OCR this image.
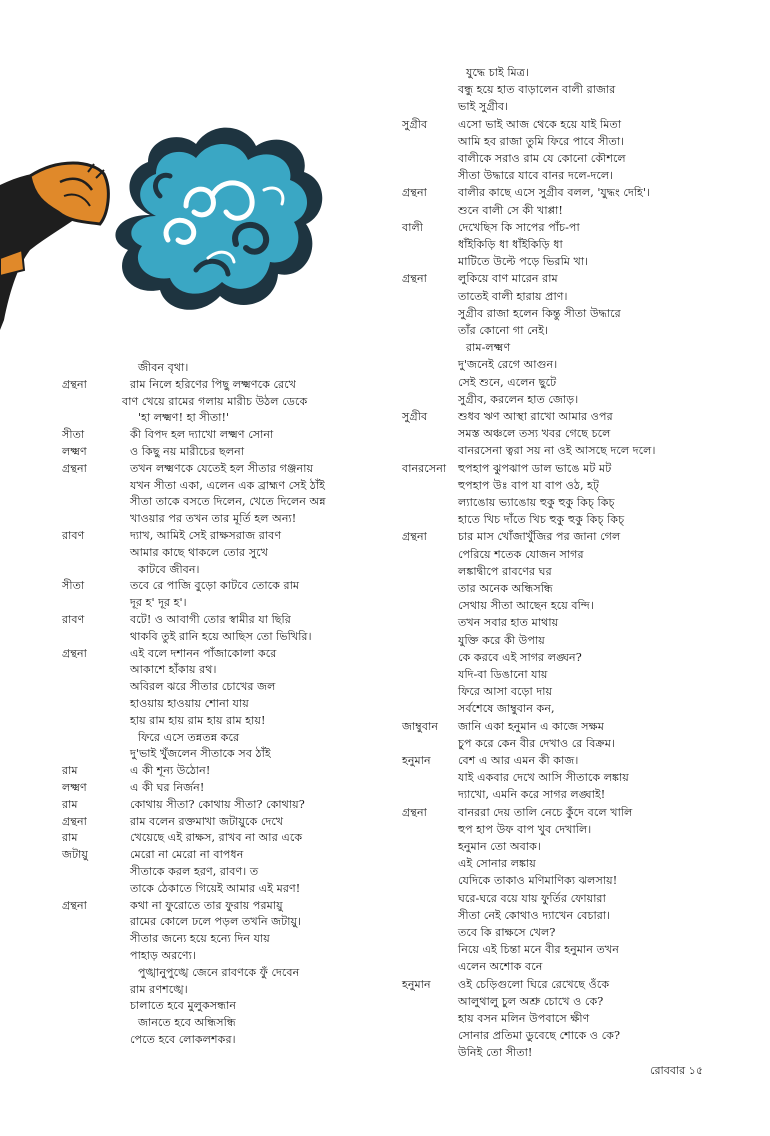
জীবন বৃথা।
গ্রন্থনা	রাম নিলে হরিণের পিছু লক্ষ্মণকে রেখে
বাণ খেয়ে রামের গলায় মারীচ উঠল ডেকে
'হা লক্ষ্মণ! হা সীতা!'
সীতা	কী বিপদ হল দ্যাখো লক্ষ্মণ সোনা
লক্ষ্মণ	ও কিছু নয় মারীচের ছলনা
গ্রন্থনা	তখন লক্ষ্মণকে যেতেই হল সীতার গঞ্জনায়
যখন সীতা একা, এলেন এক ব্রাহ্মণ সেই ঠাঁই
সীতা তাকে বসতে দিলেন, খেতে দিলেন অন্ন
খাওয়ার পর তখন তার মূর্তি হল অন্য!
রাবণ	দ্যাখ, আমিই সেই রাক্ষসরাজ রাবণ
আমার কাছে থাকলে তোর সুখে
কাটবে জীবন।
সীতা	তবে রে পাজি বুড়ো কাটবে তোকে রাম
দূর হ' দূর হ'।
রাবণ	বটে! ও আবাগী তোর স্বামীর যা ছিরি
থাকবি তুই রানি হয়ে আছিস তো ভিখিরি।
গ্রন্থনা	এই বলে দশানন পাঁজাকোলা করে
আকাশে হাঁকায় রথ।
অবিরল ঝরে সীতার চোখের জল
হাওয়ায় হাওয়ায় শোনা যায়
হায় রাম হায় রাম হায় রাম হায়!
ফিরে এসে তন্নতন্ন করে
দু'ভাই খুঁজলেন সীতাকে সব ঠাঁই
রাম	এ কী শূন্য উঠোন!
লক্ষ্মণ	এ কী ঘর নির্জন!
রাম	কোথায় সীতা? কোথায় সীতা? কোথায়?
গ্রন্থনা	রাম বলেন রক্তমাখা জটায়ুকে দেখে
রাম	খেয়েছে এই রাক্ষস, রাখব না আর একে
জটায়ু	মেরো না মেরো না বাপধন
সীতাকে করল হরণ, রাবণ। ত
তাকে ঠেকাতে গিয়েই আমার এই মরণ!
গ্রন্থনা	কথা না ফুরোতে তার ফুরায় পরমায়ু
রামের কোলে ঢলে পড়ল তখনি জটায়ু।
সীতার জন্যে হয়ে হন্যে দিন যায়
পাহাড় অরণ্যে।
পুঙ্খানুপুঙ্খে জেনে রাবণকে ফুঁ দেবেন
রাম রণশঙ্খে।
চালাতে হবে মুলুকসন্ধান
জানতে হবে অন্ধিসন্ধি
পেতে হবে লোকলশকর।
যুদ্ধে চাই মিত্র।
বন্ধু হয়ে হাত বাড়ালেন বালী রাজার
ভাই সুগ্রীব।
সুগ্রীব	এসো ভাই আজ থেকে হয়ে যাই মিতা
আমি হব রাজা তুমি ফিরে পাবে সীতা।
বালীকে সরাও রাম যে কোনো কৌশলে
সীতা উদ্ধারে যাবে বানর দলে-দলে।
গ্রন্থনা	বালীর কাছে এসে সুগ্রীব বলল, 'যুদ্ধং দেহি'।
শুনে বালী সে কী খাপ্পা!
বালী	দেখেছিস কি সাপের পাঁচ-পা
ধাঁইকিড়ি ধা ধাঁইকিড়ি ধা
মাটিতে উল্টে পড়ে ভিরমি খা।
গ্রন্থনা	লুকিয়ে বাণ মারেন রাম
তাতেই বালী হারায় প্রাণ।
সুগ্রীব রাজা হলেন কিন্তু সীতা উদ্ধারে
তাঁর কোনো গা নেই।
রাম-লক্ষ্মণ
দু'জনেই রেগে আগুন।
সেই শুনে, এলেন ছুটে
সুগ্রীব, করলেন হাত জোড়।
সুগ্রীব	শুধব ঋণ আস্থা রাখো আমার ওপর
সমস্ত অঞ্চলে তস্য খবর গেছে চলে
বানরসেনা ত্বরা সয় না ওই আসছে দলে দলে।
বানরসেনা হুপহাপ ঝুপঝাপ ডাল ভাঙে মট মট
হুপহাপ উঃ বাপ যা বাপ ওঠ, হট্
ল্যাঙোয় ভ্যাঙোয় হুকু হুকু কিচ্ কিচ্
হাতে খিচ দাঁতে খিচ হুকু হুকু কিচ্ কিচ্
গ্রন্থনা	চার মাস খোঁজাখুঁজির পর জানা গেল
পেরিয়ে শতেক যোজন সাগর
লঙ্কাদ্বীপে রাবণের ঘর
তার অনেক অন্ধিসন্ধি
সেথায় সীতা আছেন হয়ে বন্দি।
তখন সবার হাত মাথায়
যুক্তি করে কী উপায়
কে করবে এই সাগর লঙ্ঘন?
যদি-বা ডিঙানো যায়
ফিরে আসা বড়ো দায়
সর্বশেষে জাম্বুবান কন,
জাম্বুবান জানি একা হনুমান এ কাজে সক্ষম
চুপ করে কেন বীর দেখাও রে বিক্রম।
হনুমান বেশ এ আর এমন কী কাজ।
যাই একবার দেখে আসি সীতাকে লঙ্কায়
দ্যাখো, এমনি করে সাগর লঙ্ঘাই!
গ্রন্থনা	বানররা দেয় তালি নেচে কুঁদে বলে খালি
হুপ হাপ উফ বাপ খুব দেখালি।
হনুমান তো অবাক।
এই সোনার লঙ্কায়
যেদিকে তাকাও মণিমাণিক্য ঝলসায়!
ঘরে-ঘরে বয়ে যায় ফুর্তির ফোয়ারা
সীতা নেই কোথাও দ্যাখেন বেচারা।
তবে কি রাক্ষসে খেল?
নিয়ে এই চিন্তা মনে বীর হনুমান তখন
এলেন অশোক বনে
হনুমান ওই চেড়িগুলো ঘিরে রেখেছে ওঁকে
আলুথালু চুল অশ্রু চোখে ও কে?
হায় বসন মলিন উপবাসে ক্ষীণ
সোনার প্রতিমা ডুবেছে শোকে ও কে?
উনিই তো সীতা!
রোববার ১৫
